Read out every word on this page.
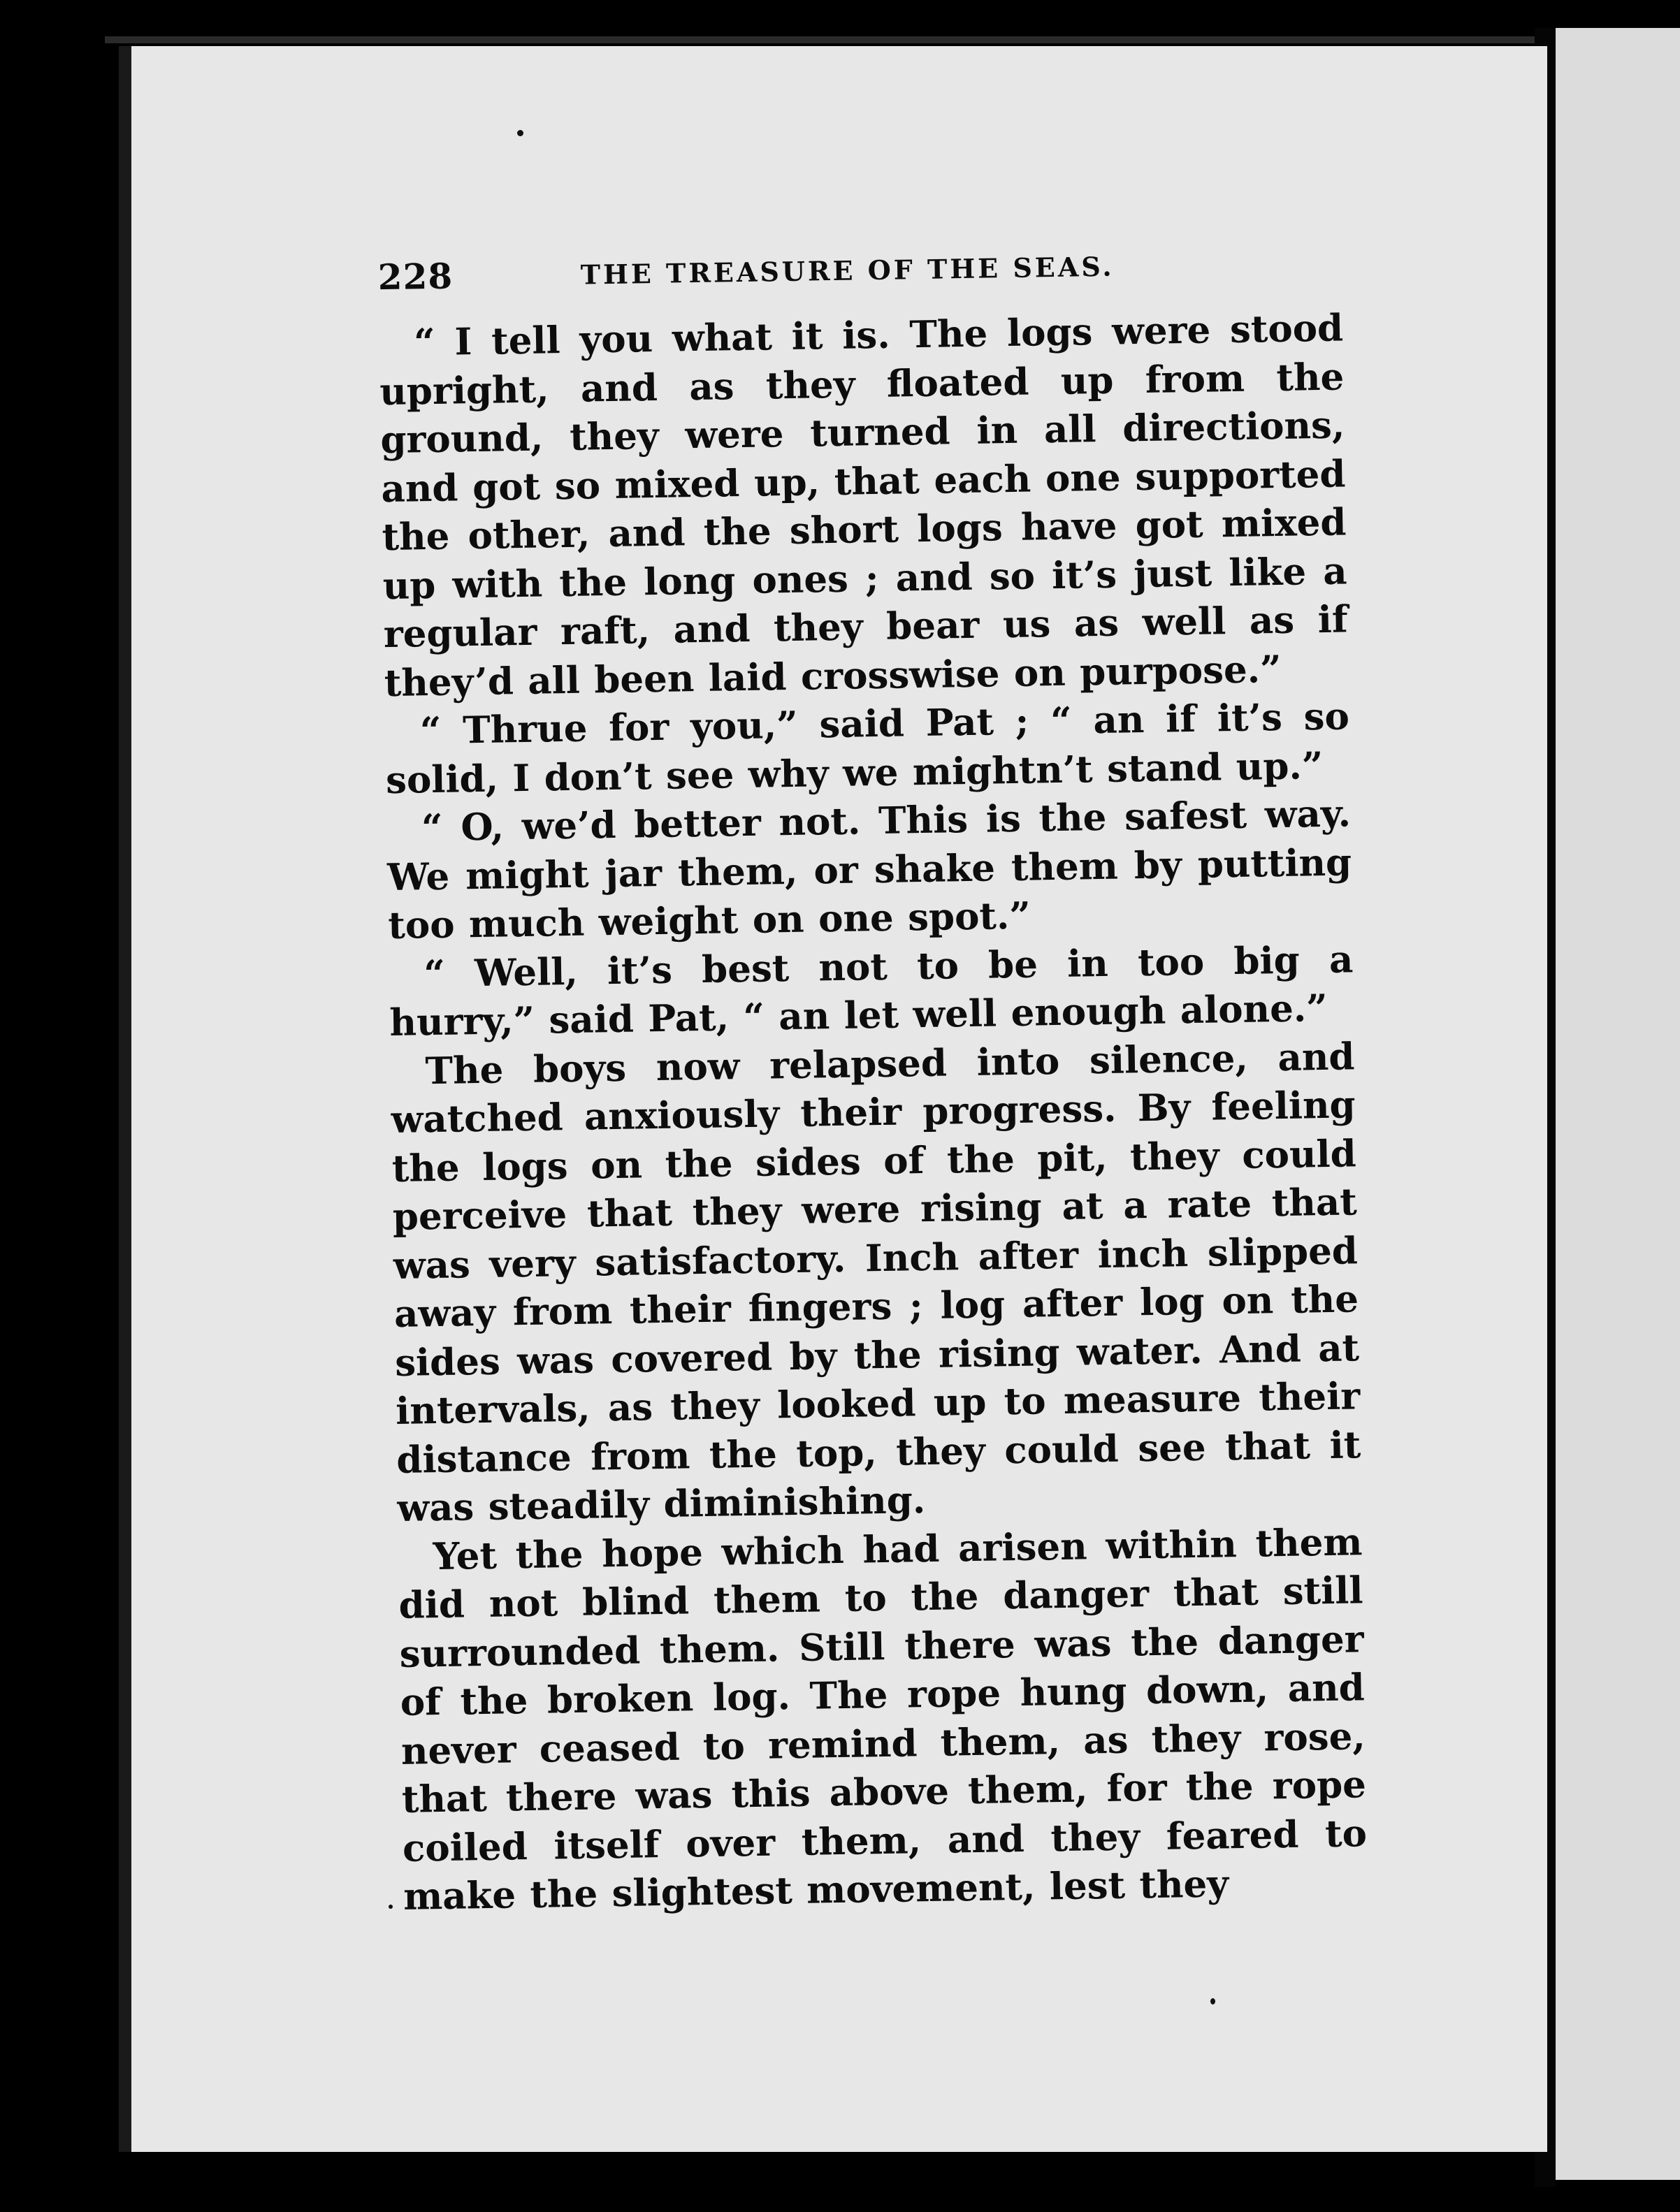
228	THE TREASURE OF THE SEAS.

“ I tell you what it is. The logs were stood upright, and as they floated up from the ground, they were turned in all directions, and got so mixed up, that each one supported the other, and the short logs have got mixed up with the long ones ; and so it’s just like a regular raft, and they bear us as well as if they’d all been laid crosswise on purpose.”

“ Thrue for you,” said Pat ; “ an if it’s so solid, I don’t see why we mightn’t stand up.”

“ O, we’d better not. This is the safest way. We might jar them, or shake them by putting too much weight on one spot.”

“ Well, it’s best not to be in too big a hurry,” said Pat, “ an let well enough alone.”

The boys now relapsed into silence, and watched anxiously their progress. By feeling the logs on the sides of the pit, they could perceive that they were rising at a rate that was very satisfactory. Inch after inch slipped away from their fingers ; log after log on the sides was covered by the rising water. And at intervals, as they looked up to measure their distance from the top, they could see that it was steadily diminishing.

Yet the hope which had arisen within them did not blind them to the danger that still surrounded them. Still there was the danger of the broken log. The rope hung down, and never ceased to remind them, as they rose, that there was this above them, for the rope coiled itself over them, and they feared to make the slightest movement, lest they
